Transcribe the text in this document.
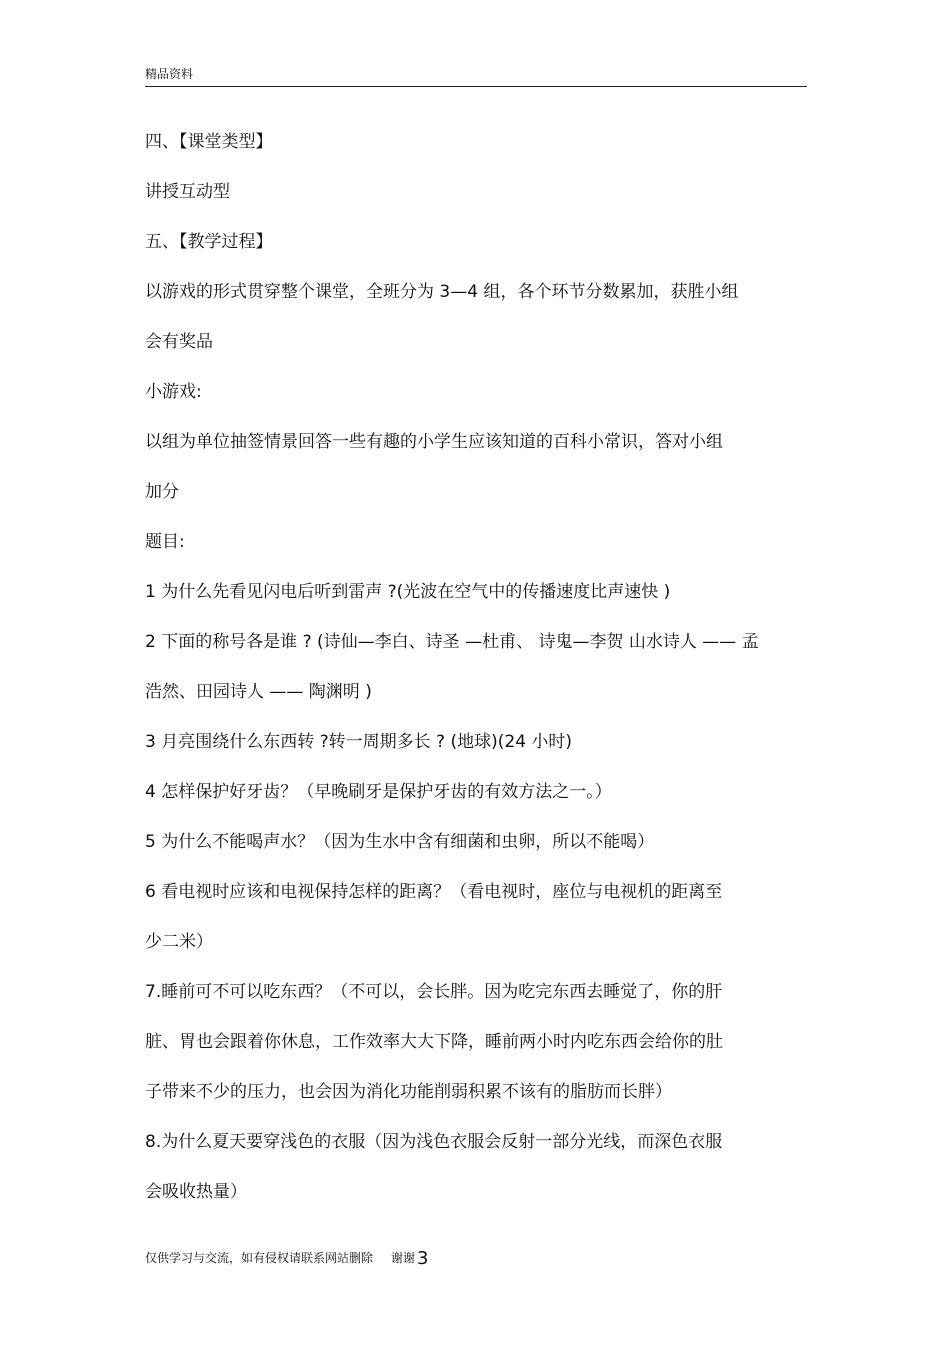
精品资料
四、【课堂类型】
讲授互动型
五、【教学过程】
以游戏的形式贯穿整个课堂，全班分为 3—4 组，各个环节分数累加，获胜小组
会有奖品
小游戏:
以组为单位抽签情景回答一些有趣的小学生应该知道的百科小常识，答对小组
加分
题目:
1 为什么先看见闪电后听到雷声 ?(光波在空气中的传播速度比声速快 )
2 下面的称号各是谁 ? (诗仙—李白、诗圣 —杜甫、 诗鬼—李贺 山水诗人 —— 孟
浩然、田园诗人 —— 陶渊明 )
3 月亮围绕什么东西转 ?转一周期多长 ? (地球)(24 小时)
4 怎样保护好牙齿？（早晚刷牙是保护牙齿的有效方法之一。）
5 为什么不能喝声水？（因为生水中含有细菌和虫卵，所以不能喝）
6 看电视时应该和电视保持怎样的距离？（看电视时，座位与电视机的距离至
少二米）
7.睡前可不可以吃东西？（不可以，会长胖。因为吃完东西去睡觉了，你的肝
脏、胃也会跟着你休息，工作效率大大下降，睡前两小时内吃东西会给你的肚
子带来不少的压力，也会因为消化功能削弱积累不该有的脂肪而长胖）
8.为什么夏天要穿浅色的衣服（因为浅色衣服会反射一部分光线，而深色衣服
会吸收热量）
仅供学习与交流，如有侵权请联系网站删除 谢谢 3
